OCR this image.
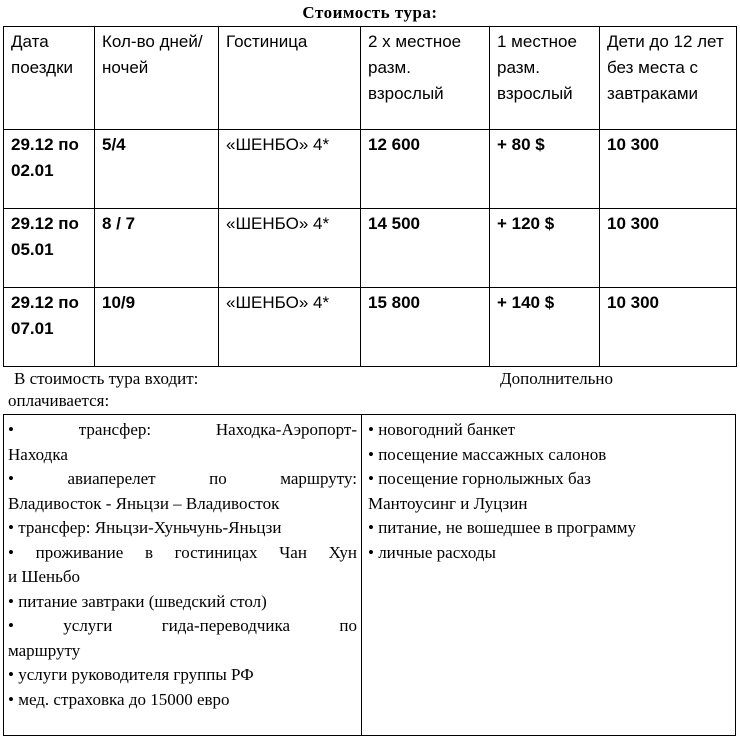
Стоимость тура:
Дата поездки	Кол-во дней/ночей	Гостиница	2 х местное разм. взрослый	1 местное разм. взрослый	Дети до 12 лет без места с завтраками
29.12 по 02.01	5/4	«ШЕНБО» 4*	12 600	+ 80 $	10 300
29.12 по 05.01	8 / 7	«ШЕНБО» 4*	14 500	+ 120 $	10 300
29.12 по 07.01	10/9	«ШЕНБО» 4*	15 800	+ 140 $	10 300
В стоимость тура входит:	Дополнительно
оплачивается:
• трансфер: Находка-Аэропорт-
Находка
• авиаперелет по маршруту:
Владивосток - Яньцзи – Владивосток
• трансфер: Яньцзи-Хуньчунь-Яньцзи
• проживание в гостиницах Чан Хун
и Шеньбо
• питание завтраки (шведский стол)
• услуги гида-переводчика по
маршруту
• услуги руководителя группы РФ
• мед. страховка до 15000 евро
• новогодний банкет
• посещение массажных салонов
• посещение горнолыжных баз
Мантоусинг и Луцзин
• питание, не вошедшее в программу
• личные расходы
